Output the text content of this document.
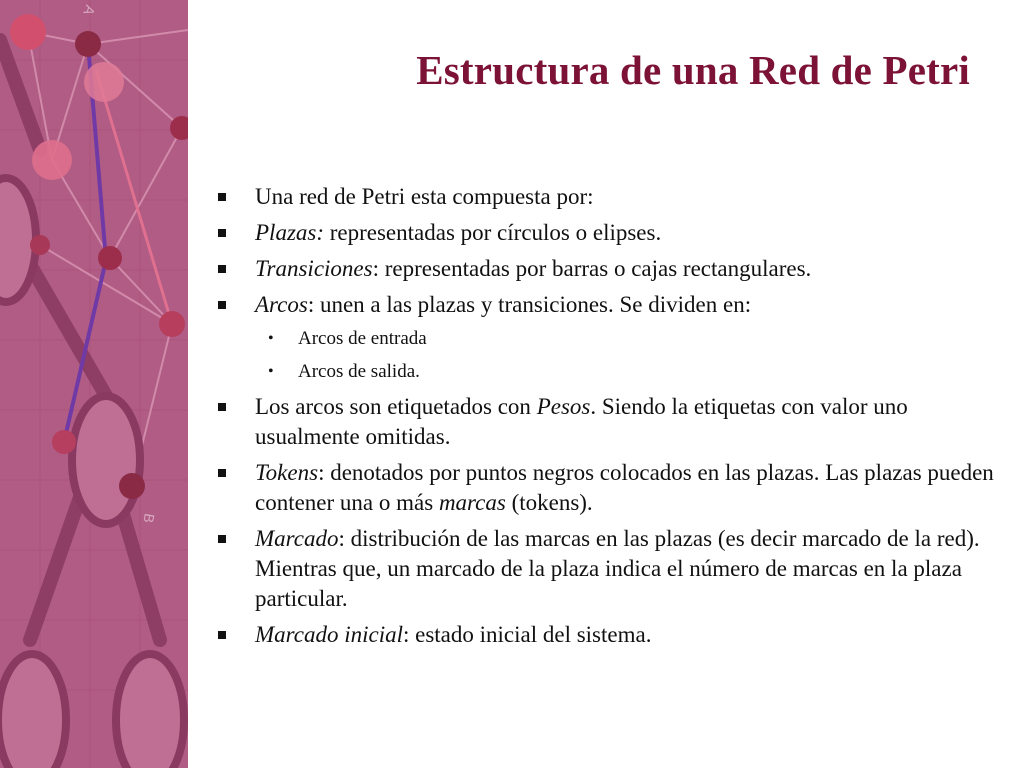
A
B
Estructura de una Red de Petri
Una red de Petri esta compuesta por:
Plazas: representadas por círculos o elipses.
Transiciones: representadas por barras o cajas rectangulares.
Arcos: unen a las plazas y transiciones. Se dividen en:
• Arcos de entrada
• Arcos de salida.
Los arcos son etiquetados con Pesos. Siendo la etiquetas con valor uno usualmente omitidas.
Tokens: denotados por puntos negros colocados en las plazas. Las plazas pueden contener una o más marcas (tokens).
Marcado: distribución de las marcas en las plazas (es decir marcado de la red). Mientras que, un marcado de la plaza indica el número de marcas en la plaza particular.
Marcado inicial: estado inicial del sistema.
